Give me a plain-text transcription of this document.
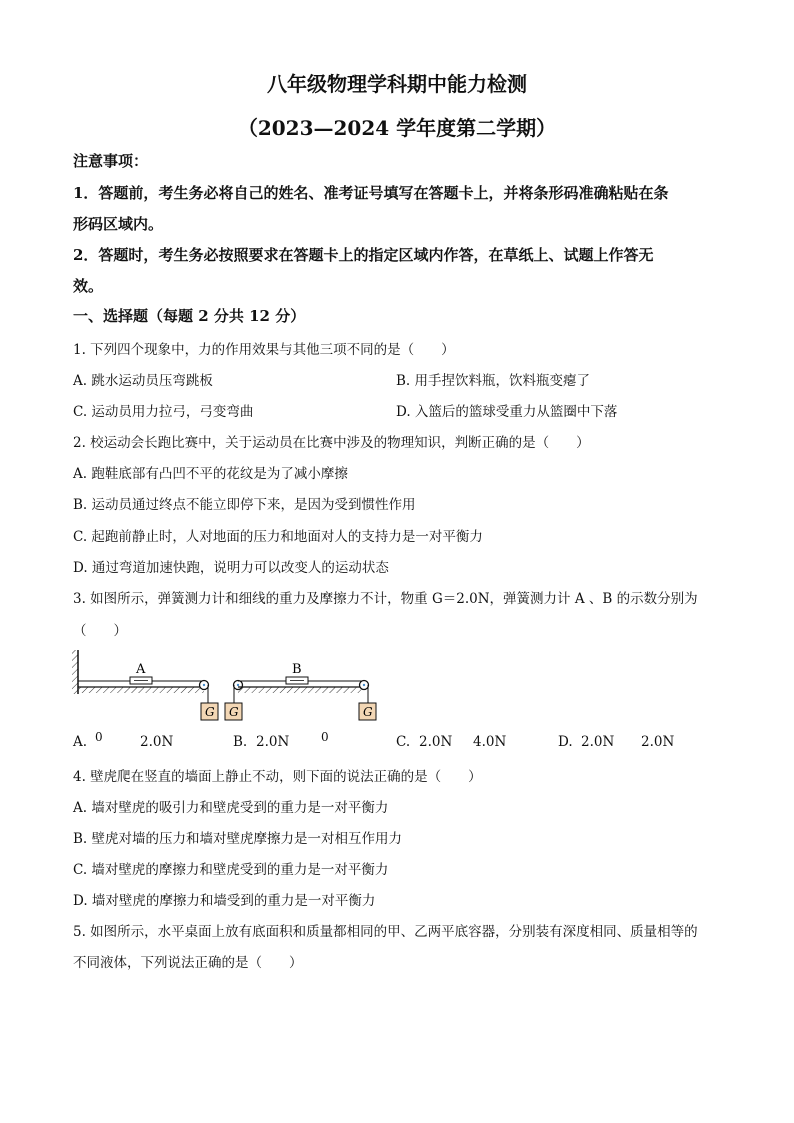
八年级物理学科期中能力检测
（2023—2024 学年度第二学期）
注意事项：
1．答题前，考生务必将自己的姓名、准考证号填写在答题卡上，并将条形码准确粘贴在条
形码区域内。
2．答题时，考生务必按照要求在答题卡上的指定区域内作答，在草纸上、试题上作答无
效。
一、选择题（每题 2 分共 12 分）
1. 下列四个现象中，力的作用效果与其他三项不同的是（　　）
A. 跳水运动员压弯跳板	B. 用手捏饮料瓶，饮料瓶变瘪了
C. 运动员用力拉弓，弓变弯曲	D. 入篮后的篮球受重力从篮圈中下落
2. 校运动会长跑比赛中，关于运动员在比赛中涉及的物理知识，判断正确的是（　　）
A. 跑鞋底部有凸凹不平的花纹是为了减小摩擦
B. 运动员通过终点不能立即停下来，是因为受到惯性作用
C. 起跑前静止时，人对地面的压力和地面对人的支持力是一对平衡力
D. 通过弯道加速快跑，说明力可以改变人的运动状态
3. 如图所示，弹簧测力计和细线的重力及摩擦力不计，物重 G＝2.0N，弹簧测力计 A 、B 的示数分别为
（　　）
A	B
G G	G
A. 0	2.0N	B. 2.0N	0	C. 2.0N 4.0N	D. 2.0N 2.0N
4. 壁虎爬在竖直的墙面上静止不动，则下面的说法正确的是（　　）
A. 墙对壁虎的吸引力和壁虎受到的重力是一对平衡力
B. 壁虎对墙的压力和墙对壁虎摩擦力是一对相互作用力
C. 墙对壁虎的摩擦力和壁虎受到的重力是一对平衡力
D. 墙对壁虎的摩擦力和墙受到的重力是一对平衡力
5. 如图所示，水平桌面上放有底面积和质量都相同的甲、乙两平底容器，分别装有深度相同、质量相等的
不同液体，下列说法正确的是（　　）
